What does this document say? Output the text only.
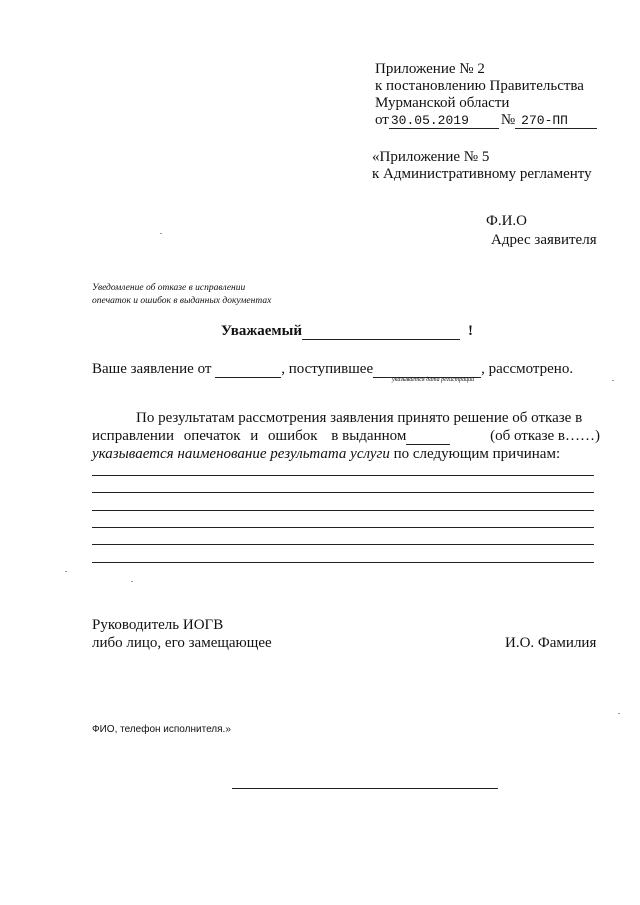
Приложение № 2
к постановлению Правительства
Мурманской области
от 30.05.2019 № 270-ПП
«Приложение № 5
к Административному регламенту
Ф.И.О
Адрес заявителя
Уведомление об отказе в исправлении
опечаток и ошибок в выданных документах
Уважаемый	!
Ваше заявление от	, поступившее	, рассмотрено.
указывается дата регистрации
По результатам рассмотрения заявления принято решение об отказе в
исправлении опечаток и ошибок в выданном	(об отказе в……)
указывается наименование результата услуги по следующим причинам:
Руководитель ИОГВ
либо лицо, его замещающее	И.О. Фамилия
ФИО, телефон исполнителя.»
